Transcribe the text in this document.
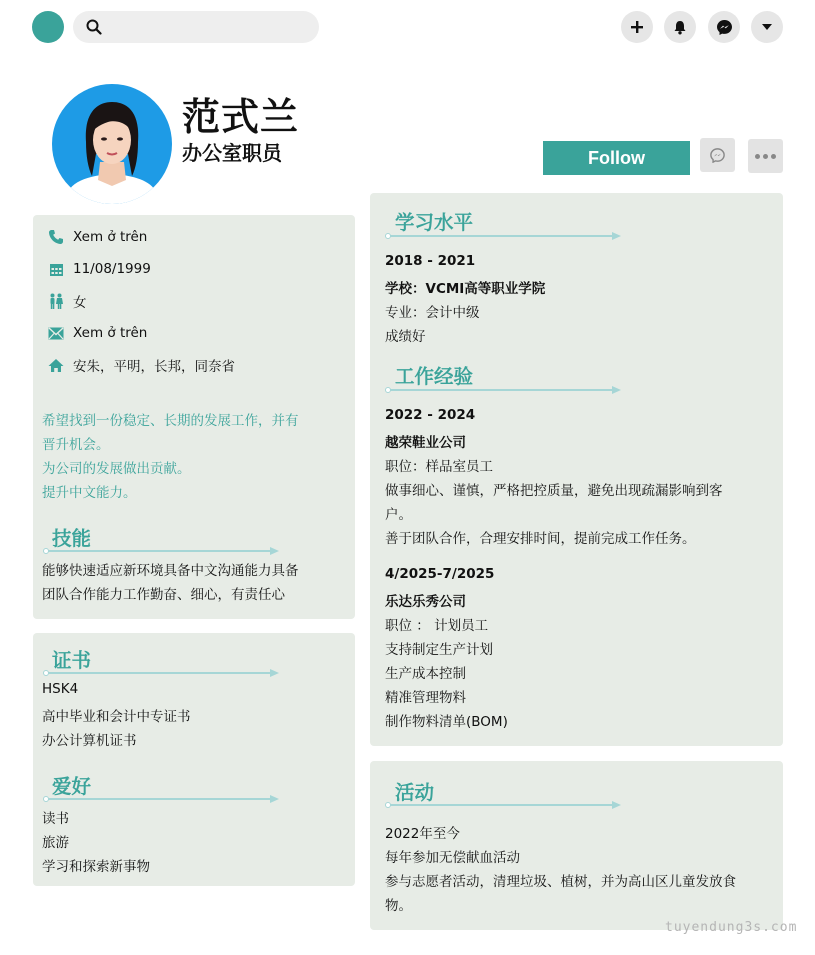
范式兰
办公室职员	Follow
Xem ở trên
11/08/1999
女
Xem ở trên
安朱，平明，长邦，同奈省
希望找到一份稳定、长期的发展工作，并有
晋升机会。
为公司的发展做出贡献。
提升中文能力。
技能
能够快速适应新环境具备中文沟通能力具备
团队合作能力工作勤奋、细心，有责任心
证书
HSK4
高中毕业和会计中专证书
办公计算机证书
爱好
读书
旅游
学习和探索新事物
学习水平
2018 - 2021
学校：VCMI高等职业学院
专业：会计中级
成绩好
工作经验
2022 - 2024
越荣鞋业公司
职位：样品室员工
做事细心、谨慎，严格把控质量，避免出现疏漏影响到客
户。
善于团队合作，合理安排时间，提前完成工作任务。
4/2025-7/2025
乐达乐秀公司
职位 ： 计划员工
支持制定生产计划
生产成本控制
精准管理物料
制作物料清单(BOM)
活动
2022年至今
每年参加无偿献血活动
参与志愿者活动，清理垃圾、植树，并为高山区儿童发放食
物。
tuyendung3s.com
